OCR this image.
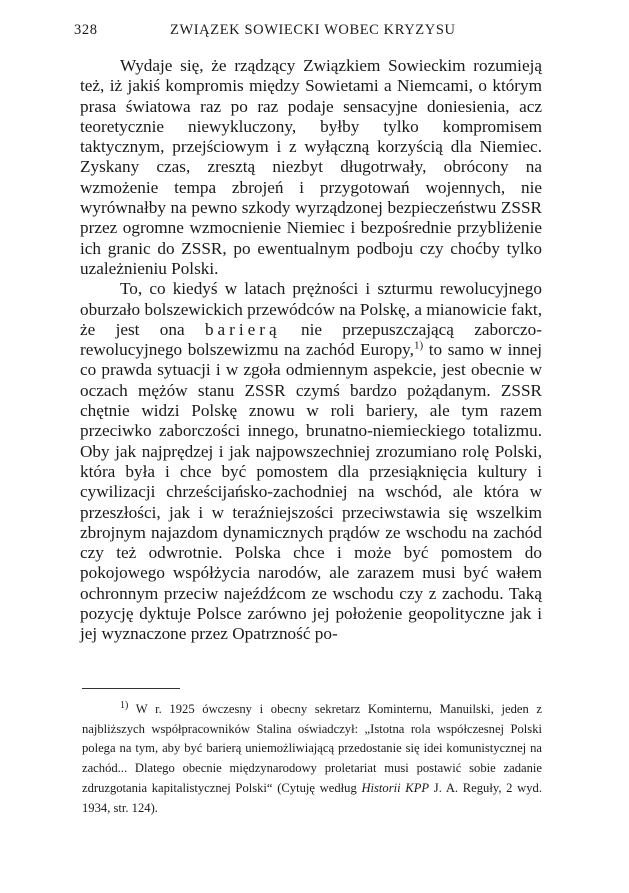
328	ZWIĄZEK SOWIECKI WOBEC KRYZYSU

Wydaje się, że rządzący Związkiem Sowieckim rozumieją też, iż jakiś kompromis między Sowietami a Niemcami, o którym prasa światowa raz po raz podaje sensacyjne doniesienia, acz teoretycznie niewykluczony, byłby tylko kompromisem taktycznym, przejściowym i z wyłączną korzyścią dla Niemiec. Zyskany czas, zresztą niezbyt długotrwały, obrócony na wzmożenie tempa zbrojeń i przygotowań wojennych, nie wyrównałby na pewno szkody wyrządzonej bezpieczeństwu ZSSR przez ogromne wzmocnienie Niemiec i bezpośrednie przybliżenie ich granic do ZSSR, po ewentualnym podboju czy choćby tylko uzależnieniu Polski.

To, co kiedyś w latach prężności i szturmu rewolucyjnego oburzało bolszewickich przewódców na Polskę, a mianowicie fakt, że jest ona barierą nie przepuszczającą zaborczo-rewolucyjnego bolszewizmu na zachód Europy,$^{1)}$ to samo w innej co prawda sytuacji i w zgoła odmiennym aspekcie, jest obecnie w oczach mężów stanu ZSSR czymś bardzo pożądanym. ZSSR chętnie widzi Polskę znowu w roli bariery, ale tym razem przeciwko zaborczości innego, brunatno-niemieckiego totalizmu. Oby jak najprędzej i jak najpowszechniej zrozumiano rolę Polski, która była i chce być pomostem dla przesiąknięcia kultury i cywilizacji chrześcijańsko-zachodniej na wschód, ale która w przeszłości, jak i w teraźniejszości przeciwstawia się wszelkim zbrojnym najazdom dynamicznych prądów ze wschodu na zachód czy też odwrotnie. Polska chce i może być pomostem do pokojowego współżycia narodów, ale zarazem musi być wałem ochronnym przeciw najeźdźcom ze wschodu czy z zachodu. Taką pozycję dyktuje Polsce zarówno jej położenie geopolityczne jak i jej wyznaczone przez Opatrzność po-

$^{1)}$ W r. 1925 ówczesny i obecny sekretarz Kominternu, Manuilski, jeden z najbliższych współpracowników Stalina oświadczył: „Istotna rola współczesnej Polski polega na tym, aby być barierą uniemożliwiającą przedostanie się idei komunistycznej na zachód... Dlatego obecnie międzynarodowy proletariat musi postawić sobie zadanie zdruzgotania kapitalistycznej Polski“ (Cytuję według Historii KPP J. A. Reguły, 2 wyd. 1934, str. 124).
